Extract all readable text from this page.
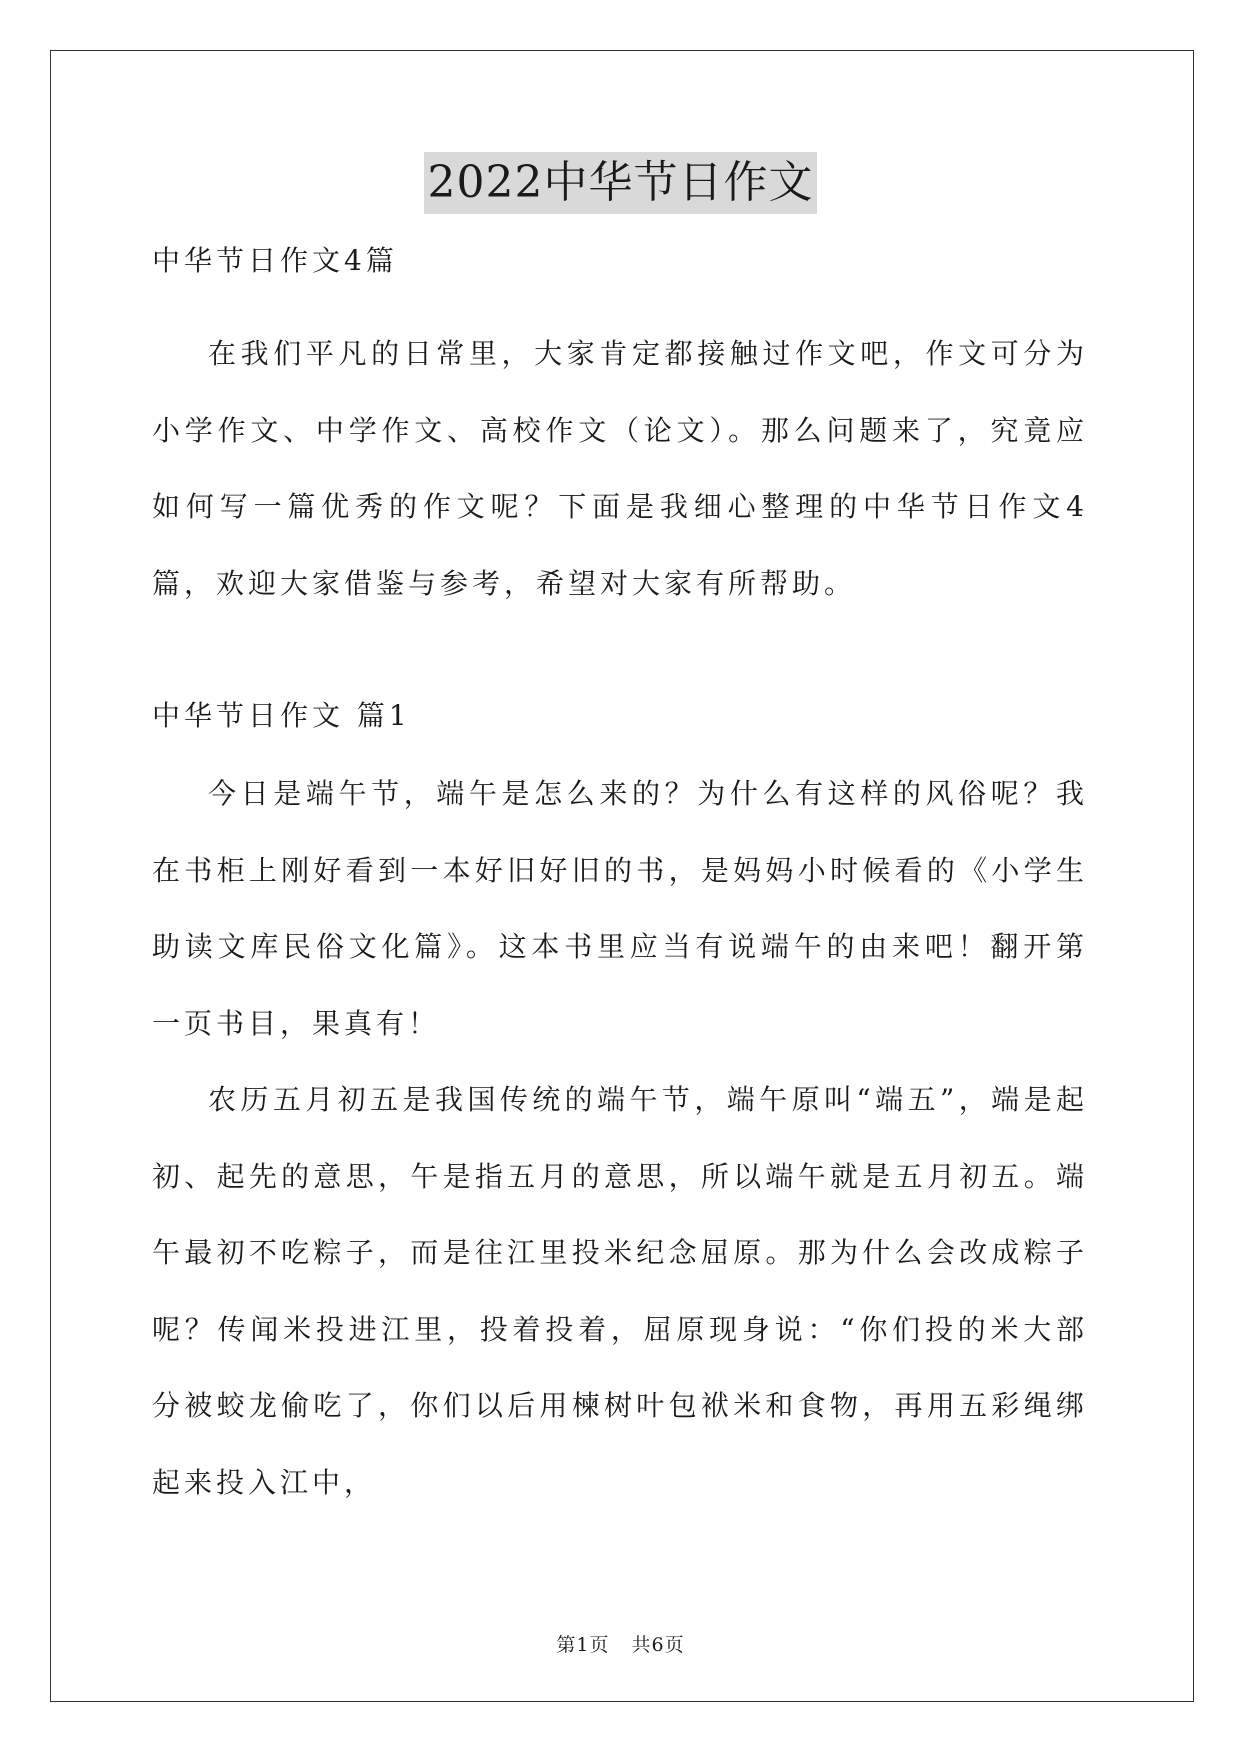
2022中华节日作文

中华节日作文4篇

在我们平凡的日常里，大家肯定都接触过作文吧，作文可分为小学作文、中学作文、高校作文（论文）。那么问题来了，究竟应如何写一篇优秀的作文呢？下面是我细心整理的中华节日作文4篇，欢迎大家借鉴与参考，希望对大家有所帮助。

中华节日作文 篇1

今日是端午节，端午是怎么来的？为什么有这样的风俗呢？我在书柜上刚好看到一本好旧好旧的书，是妈妈小时候看的《小学生助读文库民俗文化篇》。这本书里应当有说端午的由来吧！翻开第一页书目，果真有！

农历五月初五是我国传统的端午节，端午原叫“端五”，端是起初、起先的意思，午是指五月的意思，所以端午就是五月初五。端午最初不吃粽子，而是往江里投米纪念屈原。那为什么会改成粽子呢？传闻米投进江里，投着投着，屈原现身说：“你们投的米大部分被蛟龙偷吃了，你们以后用楝树叶包袱米和食物，再用五彩绳绑起来投入江中，

第1页 共6页
